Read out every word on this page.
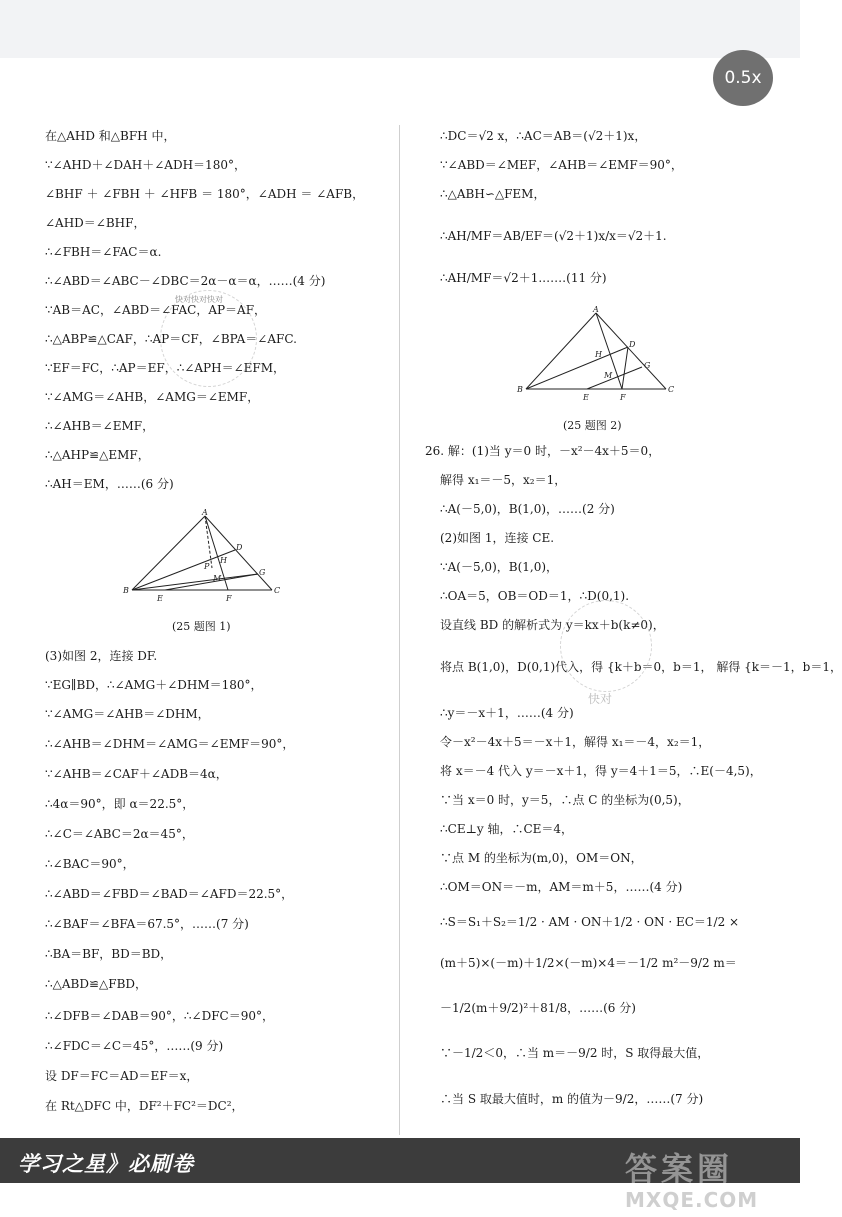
0.5x
在△AHD 和△BFH 中，
∵∠AHD＋∠DAH＋∠ADH＝180°，
∠BHF ＋ ∠FBH ＋ ∠HFB ＝ 180°，∠ADH ＝ ∠AFB，
∠AHD＝∠BHF，
∴∠FBH＝∠FAC＝α.
∴∠ABD＝∠ABC－∠DBC＝2α－α＝α，……(4 分)
∵AB＝AC，∠ABD＝∠FAC，AP＝AF，
∴△ABP≌△CAF，∴AP＝CF，∠BPA＝∠AFC.
∵EF＝FC，∴AP＝EF，∴∠APH＝∠EFM，
∵∠AMG＝∠AHB，∠AMG＝∠EMF，
∴∠AHB＝∠EMF，
∴△AHP≌△EMF，
∴AH＝EM，……(6 分)
(3)如图 2，连接 DF.
∵EG∥BD，∴∠AMG＋∠DHM＝180°，
∵∠AMG＝∠AHB＝∠DHM，
∴∠AHB＝∠DHM＝∠AMG＝∠EMF＝90°，
∵∠AHB＝∠CAF＋∠ADB＝4α，
∴4α＝90°，即 α＝22.5°，
∴∠C＝∠ABC＝2α＝45°，
∴∠BAC＝90°，
∴∠ABD＝∠FBD＝∠BAD＝∠AFD＝22.5°，
∴∠BAF＝∠BFA＝67.5°，……(7 分)
∴BA＝BF，BD＝BD，
∴△ABD≌△FBD，
∴∠DFB＝∠DAB＝90°，∴∠DFC＝90°，
∴∠FDC＝∠C＝45°，……(9 分)
设 DF＝FC＝AD＝EF＝x，
在 Rt△DFC 中，DF²＋FC²＝DC²，
A
B	C
D
E	F
G
H
M
P
(25 题图 1)
∴DC＝√2 x，∴AC＝AB＝(√2＋1)x，
∵∠ABD＝∠MEF，∠AHB＝∠EMF＝90°，
∴△ABH∽△FEM，
∴AH/MF＝AB/EF＝(√2＋1)x/x＝√2＋1.
∴AH/MF＝√2＋1.……(11 分)
26. 解：(1)当 y＝0 时，－x²－4x＋5＝0，
解得 x₁＝－5，x₂＝1，
∴A(－5,0)，B(1,0)，……(2 分)
(2)如图 1，连接 CE.
∵A(－5,0)，B(1,0)，
∴OA＝5，OB＝OD＝1，∴D(0,1).
设直线 BD 的解析式为 y＝kx＋b(k≠0)，
将点 B(1,0)，D(0,1)代入，得 {k＋b＝0，b＝1， 解得 {k＝－1，b＝1，
∴y＝－x＋1，……(4 分)
令－x²－4x＋5＝－x＋1，解得 x₁＝－4，x₂＝1，
将 x＝－4 代入 y＝－x＋1，得 y＝4＋1＝5，∴E(－4,5)，
∵当 x＝0 时，y＝5，∴点 C 的坐标为(0,5)，
∴CE⊥y 轴，∴CE＝4，
∵点 M 的坐标为(m,0)，OM＝ON，
∴OM＝ON＝－m，AM＝m＋5，……(4 分)
∴S＝S₁＋S₂＝1/2 · AM · ON＋1/2 · ON · EC＝1/2 ×
(m＋5)×(－m)＋1/2×(－m)×4＝－1/2 m²－9/2 m＝
－1/2(m＋9/2)²＋81/8，……(6 分)
∵－1/2＜0，∴当 m＝－9/2 时，S 取得最大值，
∴当 S 取最大值时，m 的值为－9/2，……(7 分)
A
B	C
D
E	F
G
H
M
(25 题图 2)
快对快对快对
快对
学习之星》必刷卷	答案圈
MXQE.COM
